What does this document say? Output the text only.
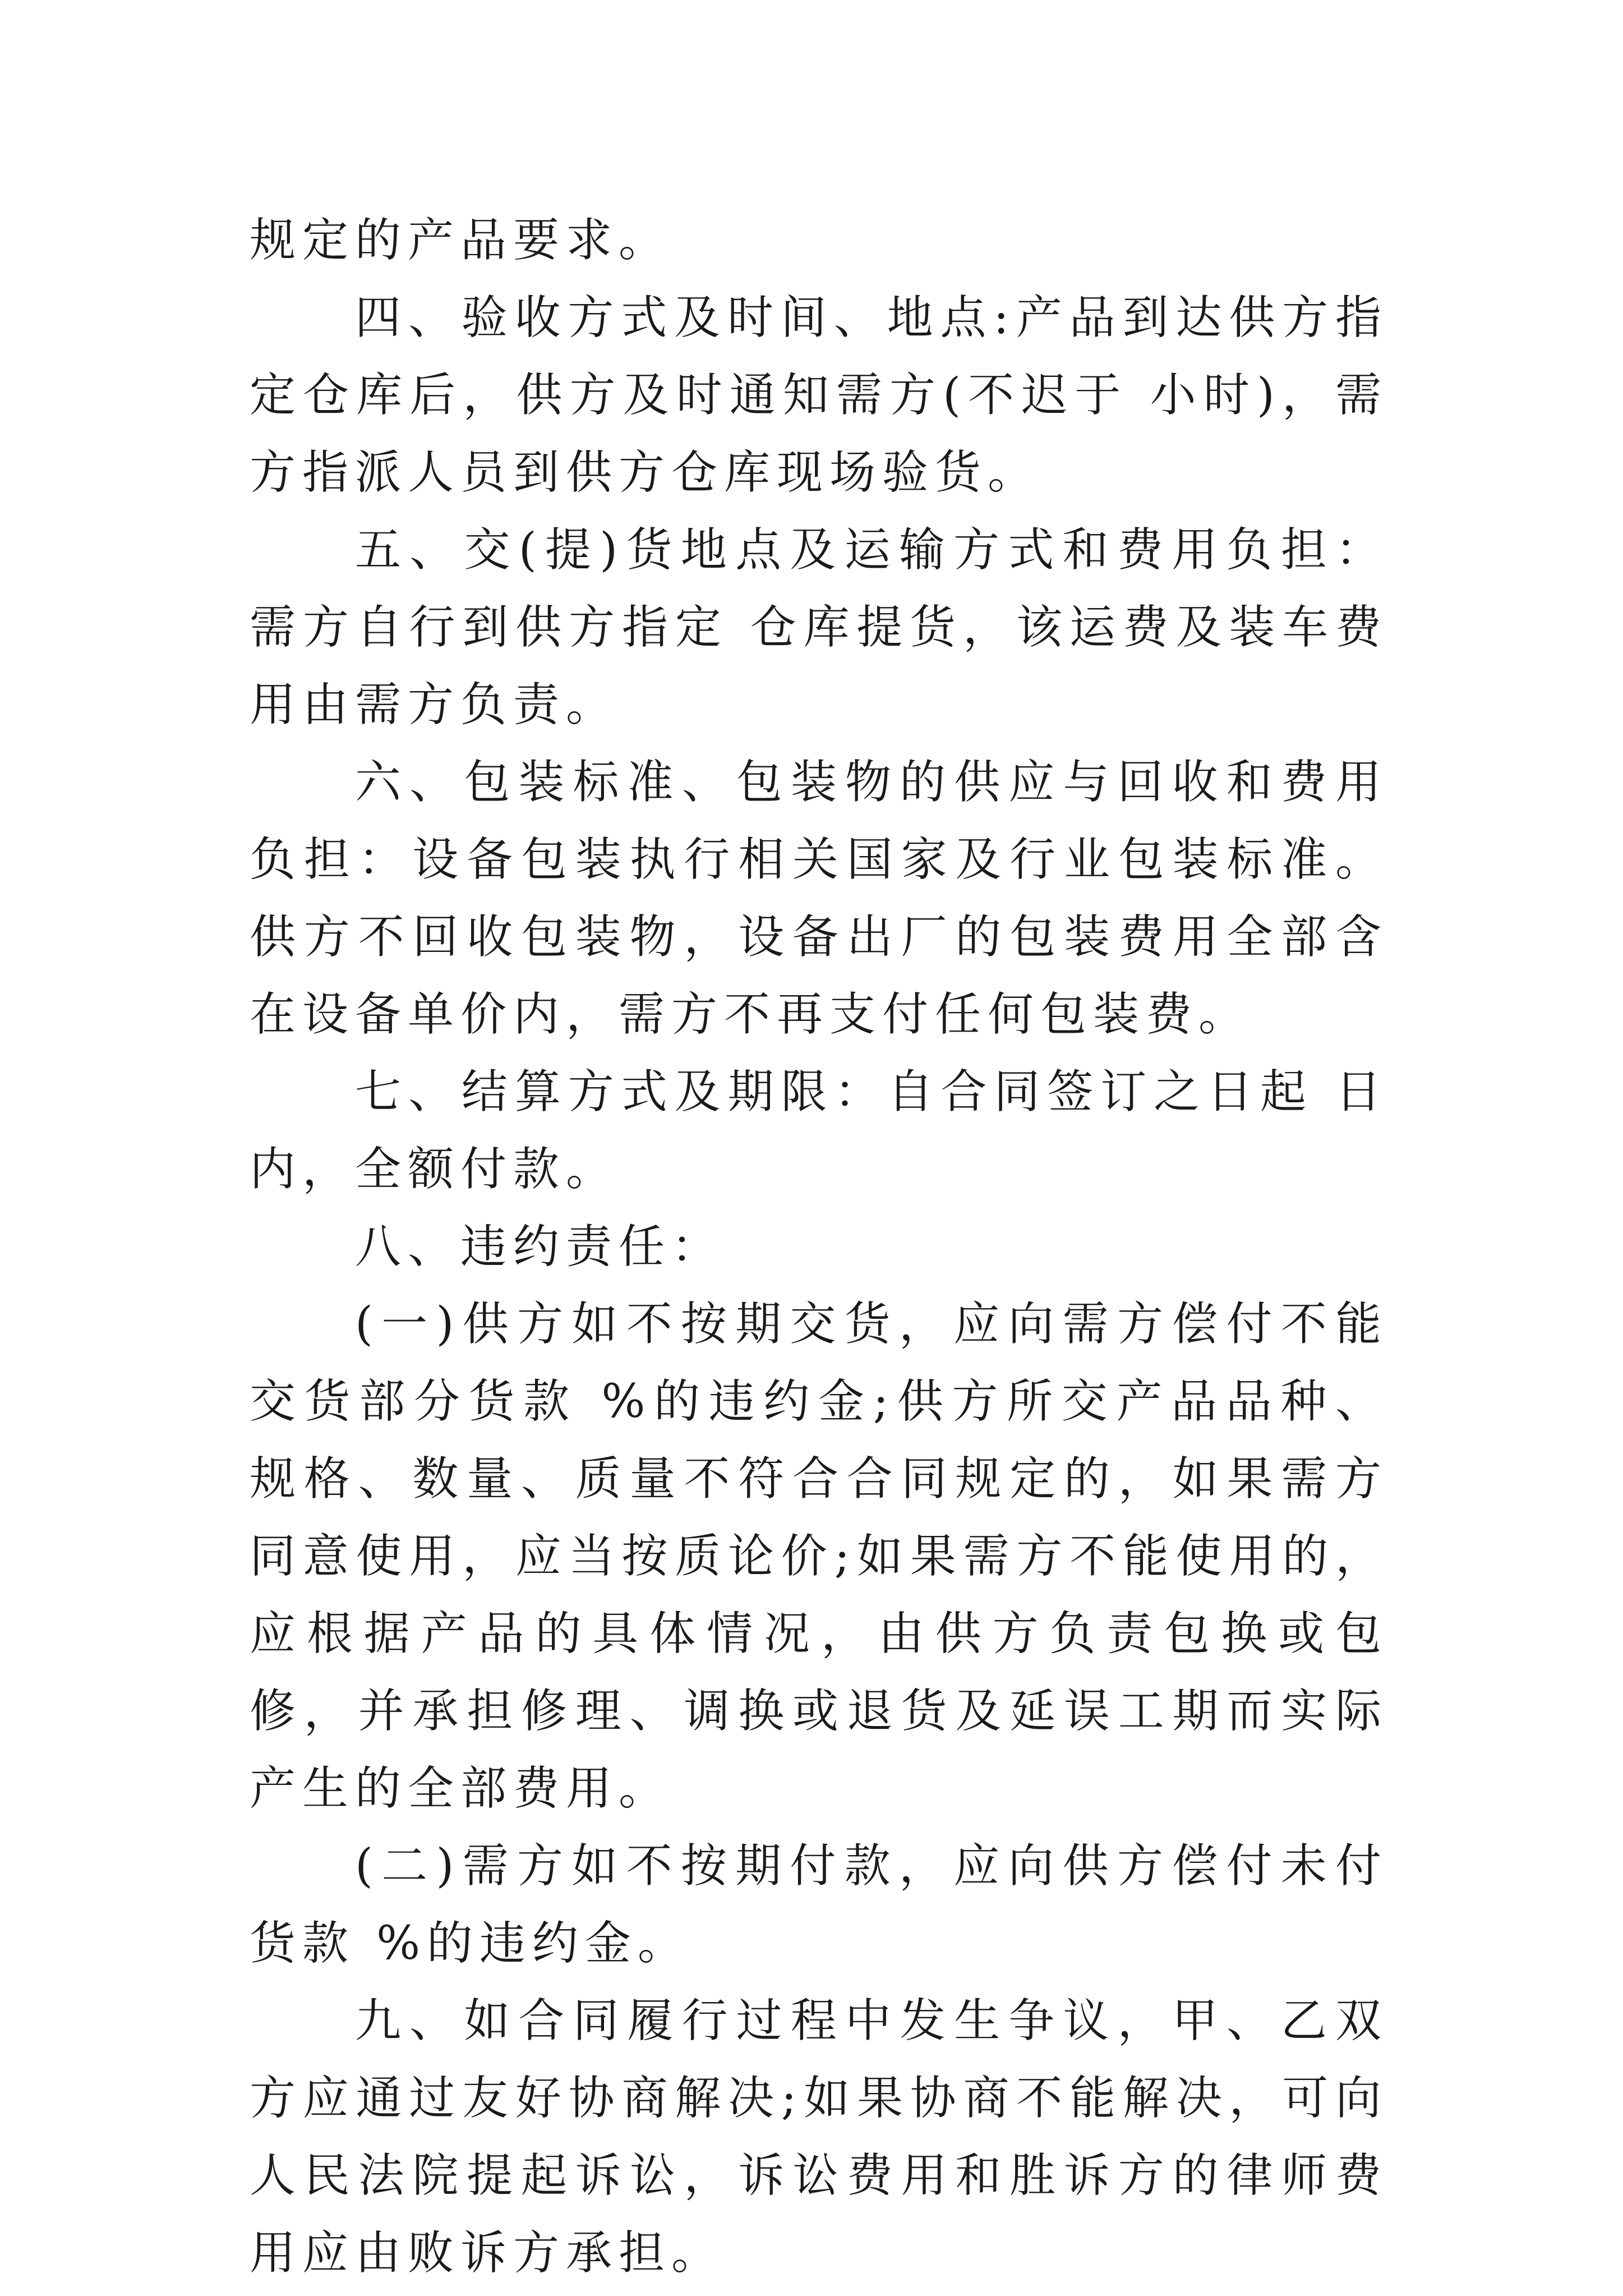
规定的产品要求。

四、验收方式及时间、地点:产品到达供方指定仓库后，供方及时通知需方(不迟于 小时)，需方指派人员到供方仓库现场验货。

五、交(提)货地点及运输方式和费用负担：需方自行到供方指定 仓库提货，该运费及装车费用由需方负责。

六、包装标准、包装物的供应与回收和费用负担：设备包装执行相关国家及行业包装标准。供方不回收包装物，设备出厂的包装费用全部含在设备单价内，需方不再支付任何包装费。

七、结算方式及期限：自合同签订之日起 日内，全额付款。

八、违约责任：

(一)供方如不按期交货，应向需方偿付不能交货部分货款 %的违约金;供方所交产品品种、规格、数量、质量不符合合同规定的，如果需方同意使用，应当按质论价;如果需方不能使用的，应根据产品的具体情况，由供方负责包换或包修，并承担修理、调换或退货及延误工期而实际产生的全部费用。

(二)需方如不按期付款，应向供方偿付未付货款 %的违约金。

九、如合同履行过程中发生争议，甲、乙双方应通过友好协商解决;如果协商不能解决，可向 人民法院提起诉讼，诉讼费用和胜诉方的律师费用应由败诉方承担。
